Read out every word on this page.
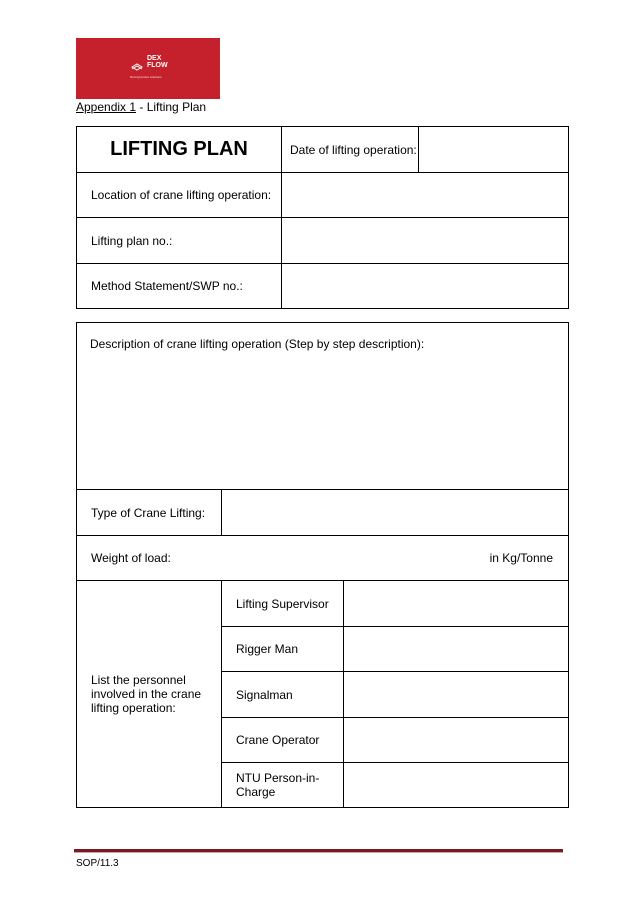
DEX
FLOW
fluid dynamics solutions
Appendix 1 - Lifting Plan
LIFTING PLAN	Date of lifting operation:
Location of crane lifting operation:
Lifting plan no.:
Method Statement/SWP no.:
Description of crane lifting operation (Step by step description):
Type of Crane Lifting:
Weight of load:	in Kg/Tonne
List the personnel involved in the crane lifting operation:
Lifting Supervisor
Rigger Man
Signalman
Crane Operator
NTU Person-in-Charge
SOP/11.3
